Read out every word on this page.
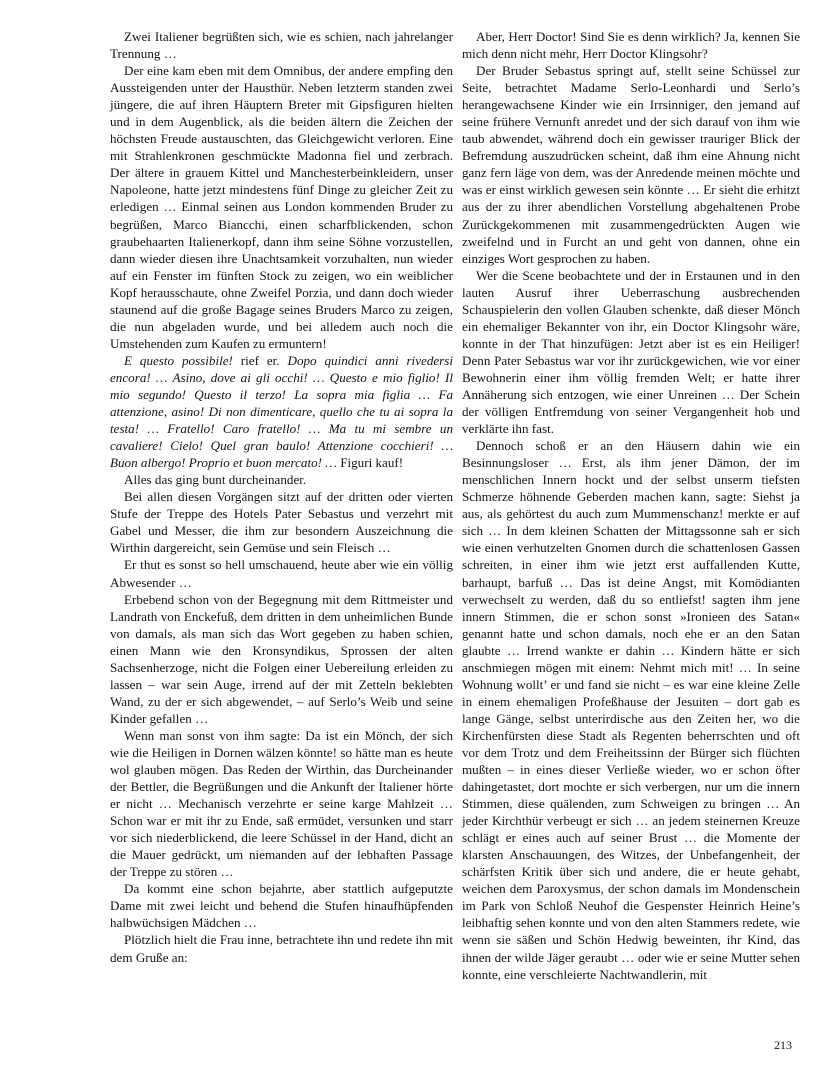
Zwei Italiener begrüßten sich, wie es schien, nach jahrelanger Trennung …

Der eine kam eben mit dem Omnibus, der andere empfing den Aussteigenden unter der Hausthür. Neben letzterm standen zwei jüngere, die auf ihren Häuptern Breter mit Gipsfiguren hielten und in dem Augenblick, als die beiden ältern die Zeichen der höchsten Freude austauschten, das Gleichgewicht verloren. Eine mit Strahlenkronen geschmückte Madonna fiel und zerbrach. Der ältere in grauem Kittel und Manchesterbeinkleidern, unser Napoleone, hatte jetzt mindestens fünf Dinge zu gleicher Zeit zu erledigen … Einmal seinen aus London kommenden Bruder zu begrüßen, Marco Biancchi, einen scharfblickenden, schon graubehaarten Italienerkopf, dann ihm seine Söhne vorzustellen, dann wieder diesen ihre Unachtsamkeit vorzuhalten, nun wieder auf ein Fenster im fünften Stock zu zeigen, wo ein weiblicher Kopf herausschaute, ohne Zweifel Porzia, und dann doch wieder staunend auf die große Bagage seines Bruders Marco zu zeigen, die nun abgeladen wurde, und bei alledem auch noch die Umstehenden zum Kaufen zu ermuntern!

E questo possibile! rief er. Dopo quindici anni rivedersi encora! … Asino, dove ai gli occhi! … Questo e mio figlio! Il mio segundo! Questo il terzo! La sopra mia figlia … Fa attenzione, asino! Di non dimenticare, quello che tu ai sopra la testa! … Fratello! Caro fratello! … Ma tu mi sembre un cavaliere! Cielo! Quel gran baulo! Attenzione cocchieri! … Buon albergo! Proprio et buon mercato! … Figuri kauf!

Alles das ging bunt durcheinander.

Bei allen diesen Vorgängen sitzt auf der dritten oder vierten Stufe der Treppe des Hotels Pater Sebastus und verzehrt mit Gabel und Messer, die ihm zur besondern Auszeichnung die Wirthin dargereicht, sein Gemüse und sein Fleisch …

Er thut es sonst so hell umschauend, heute aber wie ein völlig Abwesender …

Erbebend schon von der Begegnung mit dem Rittmeister und Landrath von Enckefuß, dem dritten in dem unheimlichen Bunde von damals, als man sich das Wort gegeben zu haben schien, einen Mann wie den Kronsyndikus, Sprossen der alten Sachsenherzoge, nicht die Folgen einer Uebereilung erleiden zu lassen – war sein Auge, irrend auf der mit Zetteln beklebten Wand, zu der er sich abgewendet, – auf Serlo’s Weib und seine Kinder gefallen …

Wenn man sonst von ihm sagte: Da ist ein Mönch, der sich wie die Heiligen in Dornen wälzen könnte! so hätte man es heute wol glauben mögen. Das Reden der Wirthin, das Durcheinander der Bettler, die Begrüßungen und die Ankunft der Italiener hörte er nicht … Mechanisch verzehrte er seine karge Mahlzeit … Schon war er mit ihr zu Ende, saß ermüdet, versunken und starr vor sich niederblickend, die leere Schüssel in der Hand, dicht an die Mauer gedrückt, um niemanden auf der lebhaften Passage der Treppe zu stören …

Da kommt eine schon bejahrte, aber stattlich aufgeputzte Dame mit zwei leicht und behend die Stufen hinaufhüpfenden halbwüchsigen Mädchen …

Plötzlich hielt die Frau inne, betrachtete ihn und redete ihn mit dem Gruße an:

Aber, Herr Doctor! Sind Sie es denn wirklich? Ja, kennen Sie mich denn nicht mehr, Herr Doctor Klingsohr?

Der Bruder Sebastus springt auf, stellt seine Schüssel zur Seite, betrachtet Madame Serlo-Leonhardi und Serlo’s herangewachsene Kinder wie ein Irrsinniger, den jemand auf seine frühere Vernunft anredet und der sich darauf von ihm wie taub abwendet, während doch ein gewisser trauriger Blick der Befremdung auszudrücken scheint, daß ihm eine Ahnung nicht ganz fern läge von dem, was der Anredende meinen möchte und was er einst wirklich gewesen sein könnte … Er sieht die erhitzt aus der zu ihrer abendlichen Vorstellung abgehaltenen Probe Zurückgekommenen mit zusammengedrückten Augen wie zweifelnd und in Furcht an und geht von dannen, ohne ein einziges Wort gesprochen zu haben.

Wer die Scene beobachtete und der in Erstaunen und in den lauten Ausruf ihrer Ueberraschung ausbrechenden Schauspielerin den vollen Glauben schenkte, daß dieser Mönch ein ehemaliger Bekannter von ihr, ein Doctor Klingsohr wäre, konnte in der That hinzufügen: Jetzt aber ist es ein Heiliger! Denn Pater Sebastus war vor ihr zurückgewichen, wie vor einer Bewohnerin einer ihm völlig fremden Welt; er hatte ihrer Annäherung sich entzogen, wie einer Unreinen … Der Schein der völligen Entfremdung von seiner Vergangenheit hob und verklärte ihn fast.

Dennoch schoß er an den Häusern dahin wie ein Besinnungsloser … Erst, als ihm jener Dämon, der im menschlichen Innern hockt und der selbst unserm tiefsten Schmerze höhnende Geberden machen kann, sagte: Siehst ja aus, als gehörtest du auch zum Mummenschanz! merkte er auf sich … In dem kleinen Schatten der Mittagssonne sah er sich wie einen verhutzelten Gnomen durch die schattenlosen Gassen schreiten, in einer ihm wie jetzt erst auffallenden Kutte, barhaupt, barfuß … Das ist deine Angst, mit Komödianten verwechselt zu werden, daß du so entliefst! sagten ihm jene innern Stimmen, die er schon sonst »Ironieen des Satan« genannt hatte und schon damals, noch ehe er an den Satan glaubte … Irrend wankte er dahin … Kindern hätte er sich anschmiegen mögen mit einem: Nehmt mich mit! … In seine Wohnung wollt’ er und fand sie nicht – es war eine kleine Zelle in einem ehemaligen Profeßhause der Jesuiten – dort gab es lange Gänge, selbst unterirdische aus den Zeiten her, wo die Kirchenfürsten diese Stadt als Regenten beherrschten und oft vor dem Trotz und dem Freiheitssinn der Bürger sich flüchten mußten – in eines dieser Verließe wieder, wo er schon öfter dahingetastet, dort mochte er sich verbergen, nur um die innern Stimmen, diese quälenden, zum Schweigen zu bringen … An jeder Kirchthür verbeugt er sich … an jedem steinernen Kreuze schlägt er eines auch auf seiner Brust … die Momente der klarsten Anschauungen, des Witzes, der Unbefangenheit, der schärfsten Kritik über sich und andere, die er heute gehabt, weichen dem Paroxysmus, der schon damals im Mondenschein im Park von Schloß Neuhof die Gespenster Heinrich Heine’s leibhaftig sehen konnte und von den alten Stammers redete, wie wenn sie säßen und Schön Hedwig beweinten, ihr Kind, das ihnen der wilde Jäger geraubt … oder wie er seine Mutter sehen konnte, eine verschleierte Nachtwandlerin, mit

213
